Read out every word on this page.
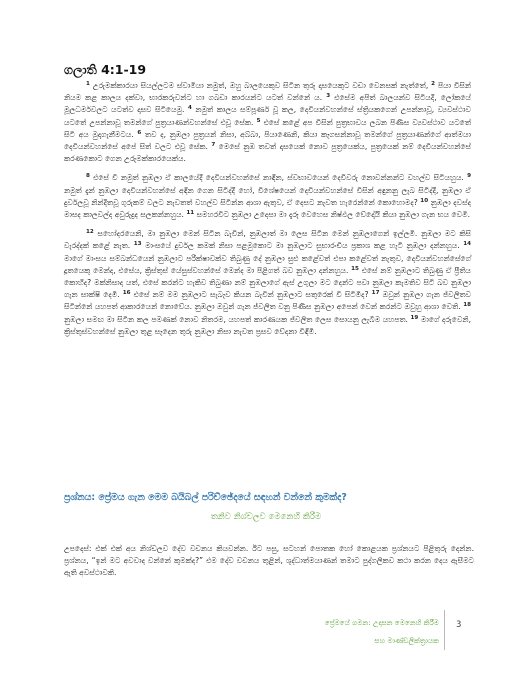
ගලාති 4:1-19

$^1$ උරුමක්කාරයා සියල්ලටම ස්වාමියා නමුත්, ඔහු බාලයෙකුව සිටින තුරු දාසයෙකුට වඩා වෙනසක් නැත්තේ, $^2$ පියා විසින් නියම කළ කාලය දක්වා, භාරකරුවන්ට හා ගබඩා කාරයන්ට යටත් වන්නේ ය. $^3$ එසේම අපිත් බාලයන්ව සිටියදී, ලෝකයේ මූලධර්මවලට යටත්ව දාසව සිටියෙමු. $^4$ නමුත් කාලය සම්පූර්ණ වූ කල, දෙවියන්වහන්සේ ස්ත්‍රියකගෙන් උපන්නාවූ, ව්‍යවස්ථාව යටතේ උපන්නාවූ තමන්ගේ පුත්‍රයාණන්වහන්සේ එවූ සේක. $^5$ එසේ කළේ අප විසින් පුත්‍රභාවය ලබන පිණිස ව්‍යවස්ථාව යටතේ සිටි අය මුදාගැනීමටය. $^6$ තව ද, නුඹලා පුත්‍රයන් නිසා, අබ්බා, පියාණෙනි, කියා කෑගසන්නාවූ තමන්ගේ පුත්‍රයාණන්ගේ ආත්මයා දෙවියන්වහන්සේ අපේ සිත් වලට එවූ සේක. $^7$ මෙසේ නුඹ තවත් දාසයෙක් නොව පුත්‍රයෙක්ය, පුත්‍රයෙක් නම් දෙවියන්වහන්සේ කරණකොට ගෙන උරුමක්කාරයෙක්ය.

$^8$ එසේ වී නමුත් නුඹලා ඒ කාලයේදී දෙවියන්වහන්සේ නාඳින, ස්වභාවයෙන් දෙවිවරු නොවන්නන්ට වහල්ව සිටියහුය. $^9$ නමුත් දැන් නුඹලා දෙවියන්වහන්සේ අඳින ගෙන සිටිද්දී හෝ, විශේෂයෙන් දෙවියන්වහන්සේ විසින් අඳුනනු ලැබ සිටිද්දී, නුඹලා ඒ දුර්වලවූ නින්දිතවූ ගුරුකම් වලට නැවතත් වහල්ව සිටින්න ආශා ඇතුව, ඒ දෙසට නැවත හැරෙන්නේ කොහොමද? $^{10}$ නුඹලා දවස්ද මාසද කාලවල්ද අවුරුදුද සලකන්නහුය. $^{11}$ සමහරවිට නුඹලා උදෙසා මා දැරූ වෙහෙස නිෂ්ඵල වේදෝයි කියා නුඹලා ගැන භය වෙමි.

$^{12}$ සහෝදරයෙනි, මා නුඹලා මෙන් සිටින බැවින්, නුඹලාත් මා ලෙස සිටින මෙන් නුඹලාගෙන් ඉල්ලමි. නුඹලා මට කිසි වැරද්දක් කළේ නැත. $^{13}$ මාංසයේ දුර්වල කමක් නිසා පළමුකොට මා නුඹලාට සුභාරංචිය ප්‍රකාශ කළ හැටි නුඹලා දන්නහුය. $^{14}$ මාගේ මාංසය සම්බන්ධයෙන් නුඹලාට පරීක්ෂාවක්ව තිබුණු දේ නුඹලා සුළු කළේවත් එපා කළේවත් නැතුව, දෙවියන්වහන්සේගේ දූතයෙකු මෙන්ද, එසේය, ක්‍රිස්තුස් යේසුස්වහන්සේ මෙන්ද මා පිළිගත් බව නුඹලා දන්නහුය. $^{15}$ එසේ නම් නුඹලාට තිබුණු ඒ ප්‍රීතිය කොහිද? මක්නිසාද යත්, එසේ කරන්ට හැකිව තිබුණා නම් නුඹලාගේ ඇස් උගුලා මට දෙන්ට පවා නුඹලා කැමතිව සිටි බව නුඹලා ගැන සාක්ෂි දෙමි. $^{16}$ එසේ නම් මම නුඹලාට සැබෑව කියන බැවින් නුඹලාට සතුරෙක් වී සිටිමිද? $^{17}$ ඔවුන් නුඹලා ගැන ජ්වලිතව සිටින්නේ යහපත් ආකාරයෙන් නොවේය. නුඹලා ඔවුන් ගැන ජ්වලිත වනු පිණිස නුඹලා අපෙන් වෙන් කරන්ට ඔවුහු ආශා වෙති. $^{18}$ නුඹලා සමඟ මා සිටින කල පමණක් නොව නිතරම, යහපත් කාරණයක ජ්වලිත ලෙස සොයනු ලැබීම යහපත. $^{19}$ මාගේ දරුවෙනි, ක්‍රිස්තුස්වහන්සේ නුඹලා තුළ සෑදෙන තුරු නුඹලා නිසා නැවත ප්‍රසව වේදනා විඳිමි.

ප්‍රශ්නය: ප්‍රේමය ගැන මෙම බයිබල් පරිච්ඡේදයේ සඳහන් වන්නේ කුමක්ද?
තනිව නිශ්චලව මෙනෙහි කිරීම
උපදෙස්: එක් එක් අය නිශ්චලව දේව වචනය කියවන්න. ඊට පසු, සටහන් පොතක හෝ කොළයක ප්‍රශ්නයට පිළිතුරු දෙන්න. ප්‍රශ්නය, “ඉන් මට අවවාද වන්නේ කුමක්ද?” එම දේව වචනය තුළින්, ශුද්ධාත්මයාණන් තමාට පුද්ගලිකව කථා කරන දෙය ඇසීමට ඇති අවස්ථාවකි.
ප්‍රේමයේ ගමන: උදාසන මෙනෙහි කිරීම
සහ මාණ්ඩලික්ත්‍රායක
3
